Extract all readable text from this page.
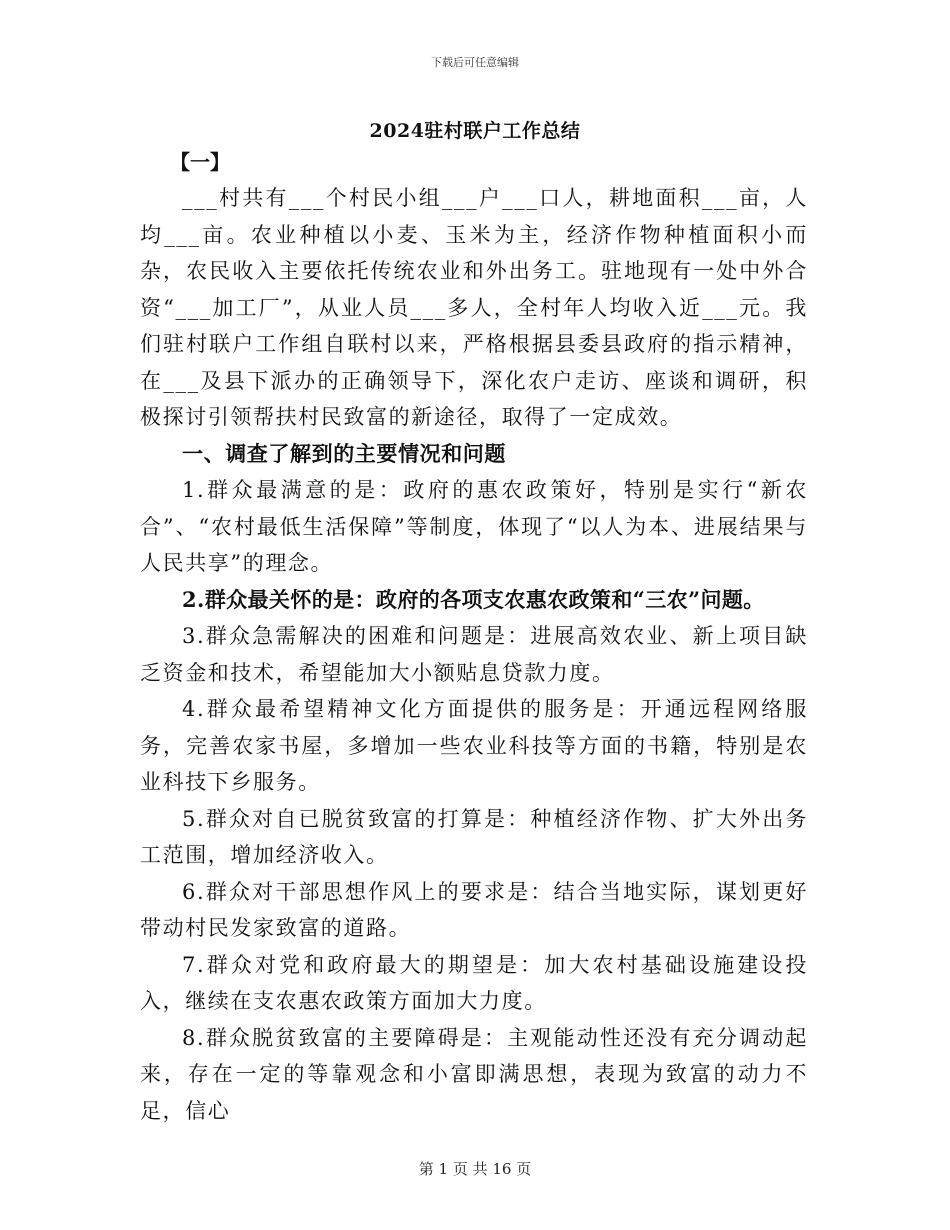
下载后可任意编辑
2024驻村联户工作总结
【一】

___村共有___个村民小组___户___口人，耕地面积___亩，人均___亩。农业种植以小麦、玉米为主，经济作物种植面积小而杂，农民收入主要依托传统农业和外出务工。驻地现有一处中外合资“___加工厂”，从业人员___多人，全村年人均收入近___元。我们驻村联户工作组自联村以来，严格根据县委县政府的指示精神，在___及县下派办的正确领导下，深化农户走访、座谈和调研，积极探讨引领帮扶村民致富的新途径，取得了一定成效。

一、调查了解到的主要情况和问题

1.群众最满意的是：政府的惠农政策好，特别是实行“新农合”、“农村最低生活保障”等制度，体现了“以人为本、进展结果与人民共享”的理念。

2.群众最关怀的是：政府的各项支农惠农政策和“三农”问题。

3.群众急需解决的困难和问题是：进展高效农业、新上项目缺乏资金和技术，希望能加大小额贴息贷款力度。

4.群众最希望精神文化方面提供的服务是：开通远程网络服务，完善农家书屋，多增加一些农业科技等方面的书籍，特别是农业科技下乡服务。

5.群众对自已脱贫致富的打算是：种植经济作物、扩大外出务工范围，增加经济收入。

6.群众对干部思想作风上的要求是：结合当地实际，谋划更好带动村民发家致富的道路。

7.群众对党和政府最大的期望是：加大农村基础设施建设投入，继续在支农惠农政策方面加大力度。

8.群众脱贫致富的主要障碍是：主观能动性还没有充分调动起来，存在一定的等靠观念和小富即满思想，表现为致富的动力不足，信心

第 1 页 共 16 页
